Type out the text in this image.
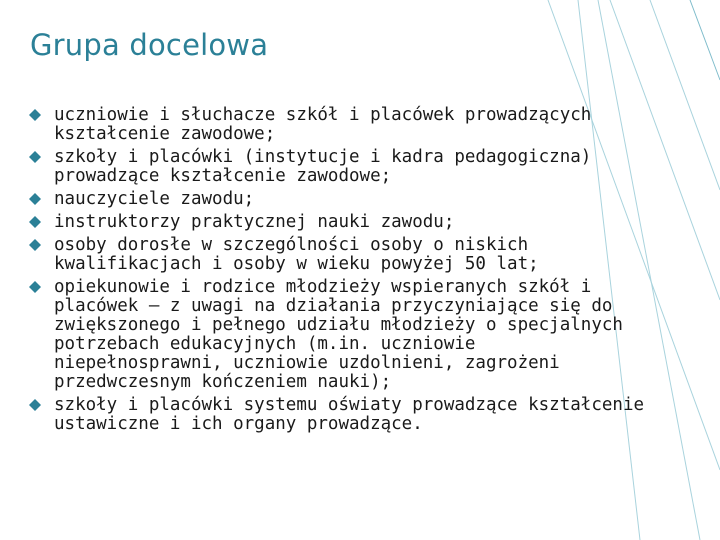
Grupa docelowa
uczniowie i słuchacze szkół i placówek prowadzących kształcenie zawodowe;
szkoły i placówki (instytucje i kadra pedagogiczna) prowadzące kształcenie zawodowe;
nauczyciele zawodu;
instruktorzy praktycznej nauki zawodu;
osoby dorosłe w szczególności osoby o niskich kwalifikacjach i osoby w wieku powyżej 50 lat;
opiekunowie i rodzice młodzieży wspieranych szkół i placówek – z uwagi na działania przyczyniające się do zwiększonego i pełnego udziału młodzieży o specjalnych potrzebach edukacyjnych (m.in. uczniowie niepełnosprawni, uczniowie uzdolnieni, zagrożeni przedwczesnym kończeniem nauki);
szkoły i placówki systemu oświaty prowadzące kształcenie ustawiczne i ich organy prowadzące.
